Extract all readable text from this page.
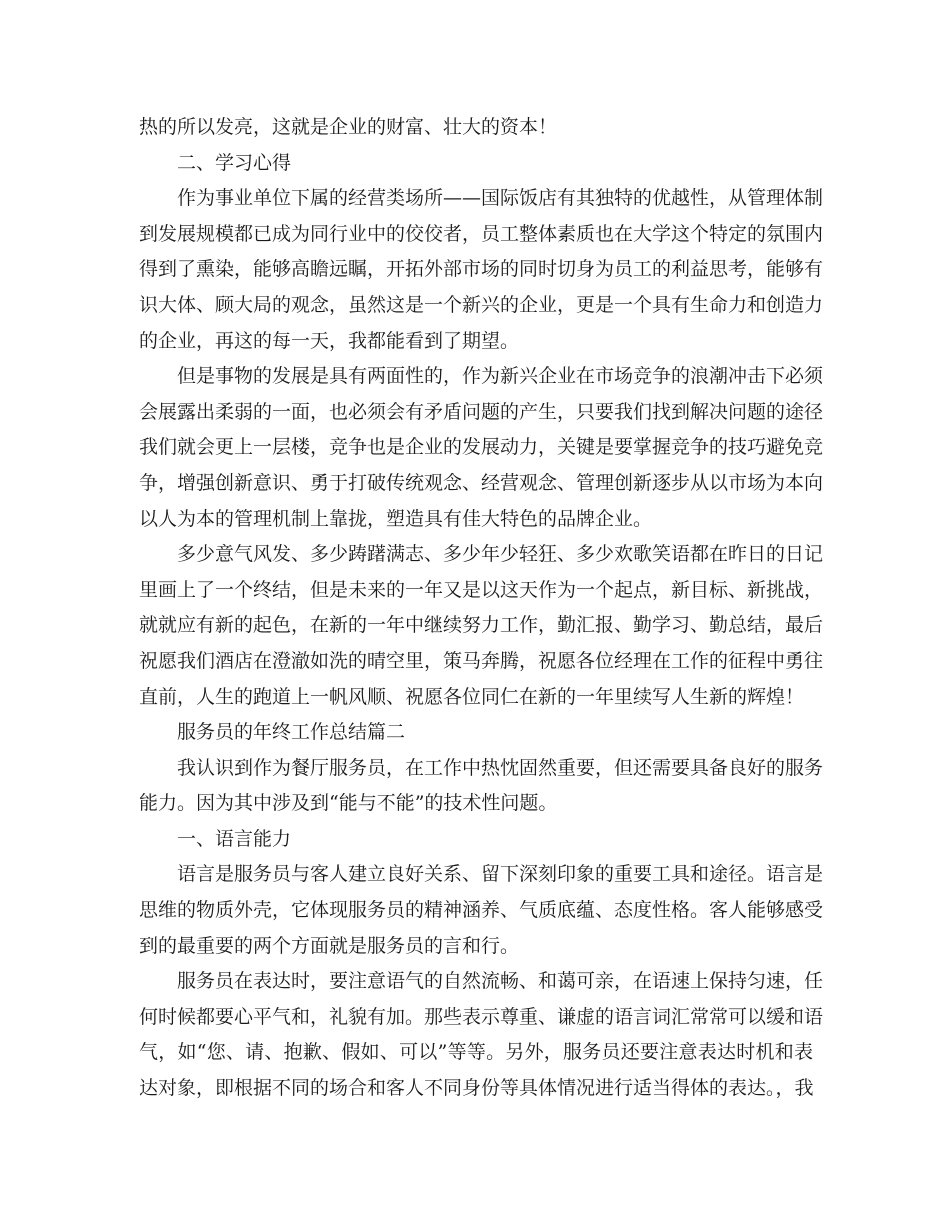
热的所以发亮，这就是企业的财富、壮大的资本！
二、学习心得
作为事业单位下属的经营类场所——国际饭店有其独特的优越性，从管理体制
到发展规模都已成为同行业中的佼佼者，员工整体素质也在大学这个特定的氛围内
得到了熏染，能够高瞻远瞩，开拓外部市场的同时切身为员工的利益思考，能够有
识大体、顾大局的观念，虽然这是一个新兴的企业，更是一个具有生命力和创造力
的企业，再这的每一天，我都能看到了期望。
但是事物的发展是具有两面性的，作为新兴企业在市场竞争的浪潮冲击下必须
会展露出柔弱的一面，也必须会有矛盾问题的产生，只要我们找到解决问题的途径
我们就会更上一层楼，竞争也是企业的发展动力，关键是要掌握竞争的技巧避免竞
争，增强创新意识、勇于打破传统观念、经营观念、管理创新逐步从以市场为本向
以人为本的管理机制上靠拢，塑造具有佳大特色的品牌企业。
多少意气风发、多少踌躇满志、多少年少轻狂、多少欢歌笑语都在昨日的日记
里画上了一个终结，但是未来的一年又是以这天作为一个起点，新目标、新挑战，
就就应有新的起色，在新的一年中继续努力工作，勤汇报、勤学习、勤总结，最后
祝愿我们酒店在澄澈如洗的晴空里，策马奔腾，祝愿各位经理在工作的征程中勇往
直前，人生的跑道上一帆风顺、祝愿各位同仁在新的一年里续写人生新的辉煌！
服务员的年终工作总结篇二
我认识到作为餐厅服务员，在工作中热忱固然重要，但还需要具备良好的服务
能力。因为其中涉及到“能与不能”的技术性问题。
一、语言能力
语言是服务员与客人建立良好关系、留下深刻印象的重要工具和途径。语言是
思维的物质外壳，它体现服务员的精神涵养、气质底蕴、态度性格。客人能够感受
到的最重要的两个方面就是服务员的言和行。
服务员在表达时，要注意语气的自然流畅、和蔼可亲，在语速上保持匀速，任
何时候都要心平气和，礼貌有加。那些表示尊重、谦虚的语言词汇常常可以缓和语
气，如“您、请、抱歉、假如、可以”等等。另外，服务员还要注意表达时机和表
达对象，即根据不同的场合和客人不同身份等具体情况进行适当得体的表达。，我
